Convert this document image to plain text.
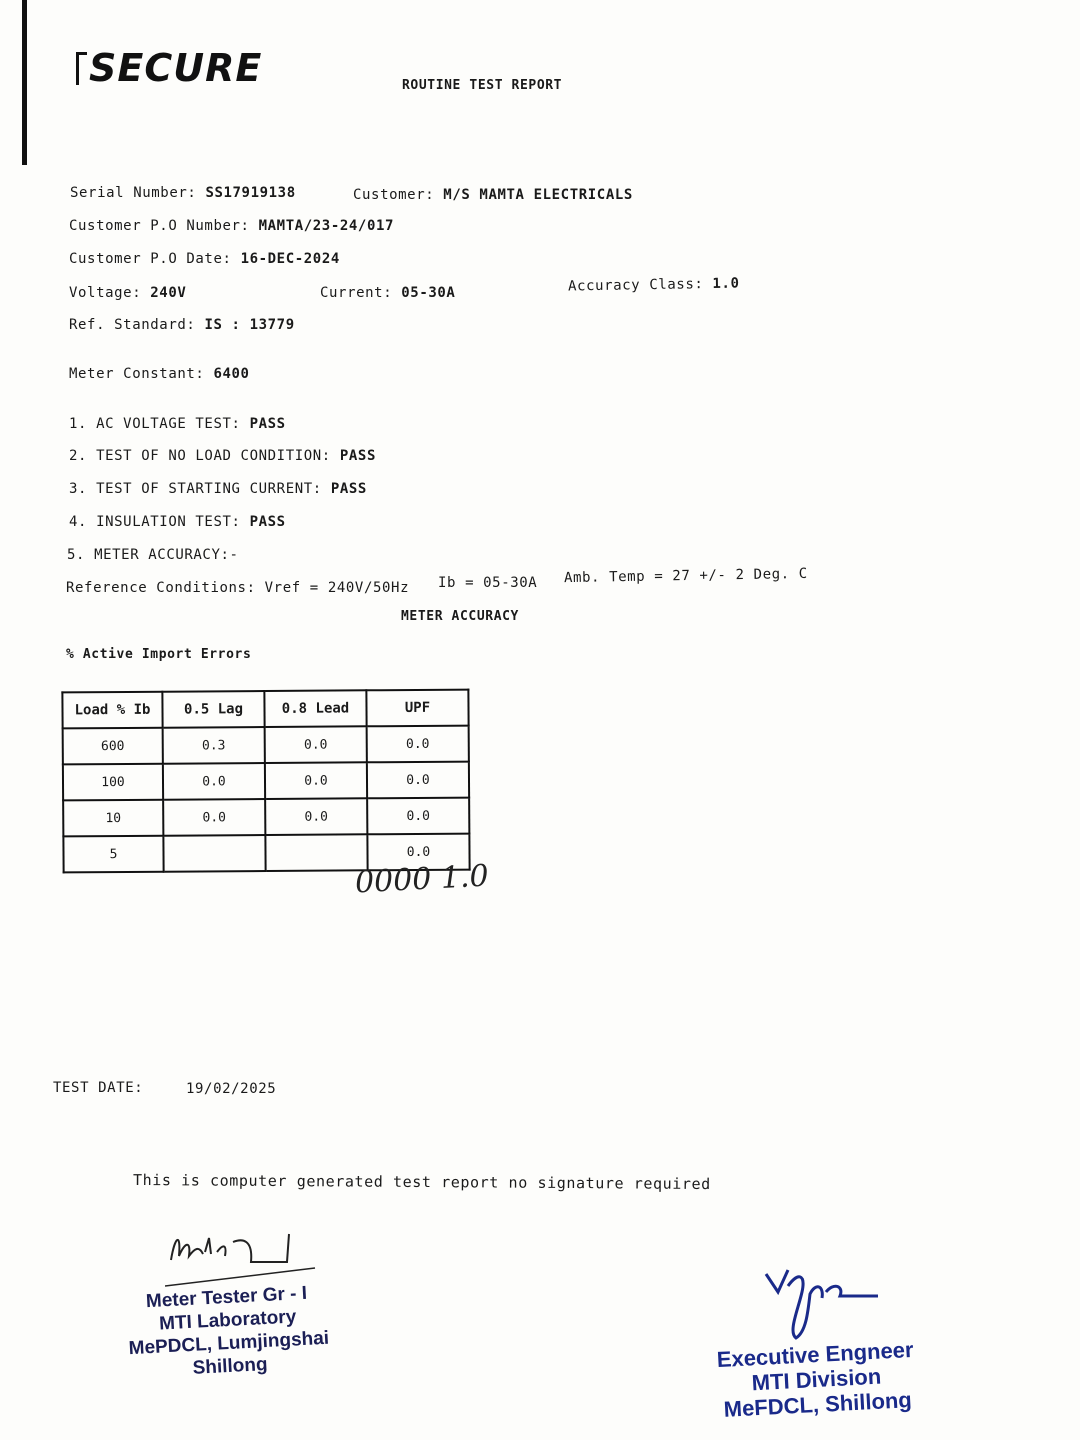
SECURE	ROUTINE TEST REPORT
Serial Number: SS17919138	Customer: M/S MAMTA ELECTRICALS
Customer P.O Number: MAMTA/23-24/017
Customer P.O Date: 16-DEC-2024
Voltage: 240V	Current: 05-30A	Accuracy Class: 1.0
Ref. Standard: IS : 13779
Meter Constant: 6400
1. AC VOLTAGE TEST: PASS
2. TEST OF NO LOAD CONDITION: PASS
3. TEST OF STARTING CURRENT: PASS
4. INSULATION TEST: PASS
5. METER ACCURACY:-
Reference Conditions: Vref = 240V/50Hz Ib = 05-30A Amb. Temp = 27 +/- 2 Deg. C
METER ACCURACY
% Active Import Errors
Load % Ib	0.5 Lag	0.8 Lead	UPF
600	0.3	0.0	0.0
100	0.0	0.0	0.0
10	0.0	0.0	0.0
5			0.0
0000 1.0
TEST DATE:	19/02/2025
This is computer generated test report no signature required
Meter Tester Gr - I
MTI Laboratory
MePDCL, Lumjingshai
Shillong	Executive Engneer
MTI Division
MeFDCL, Shillong
